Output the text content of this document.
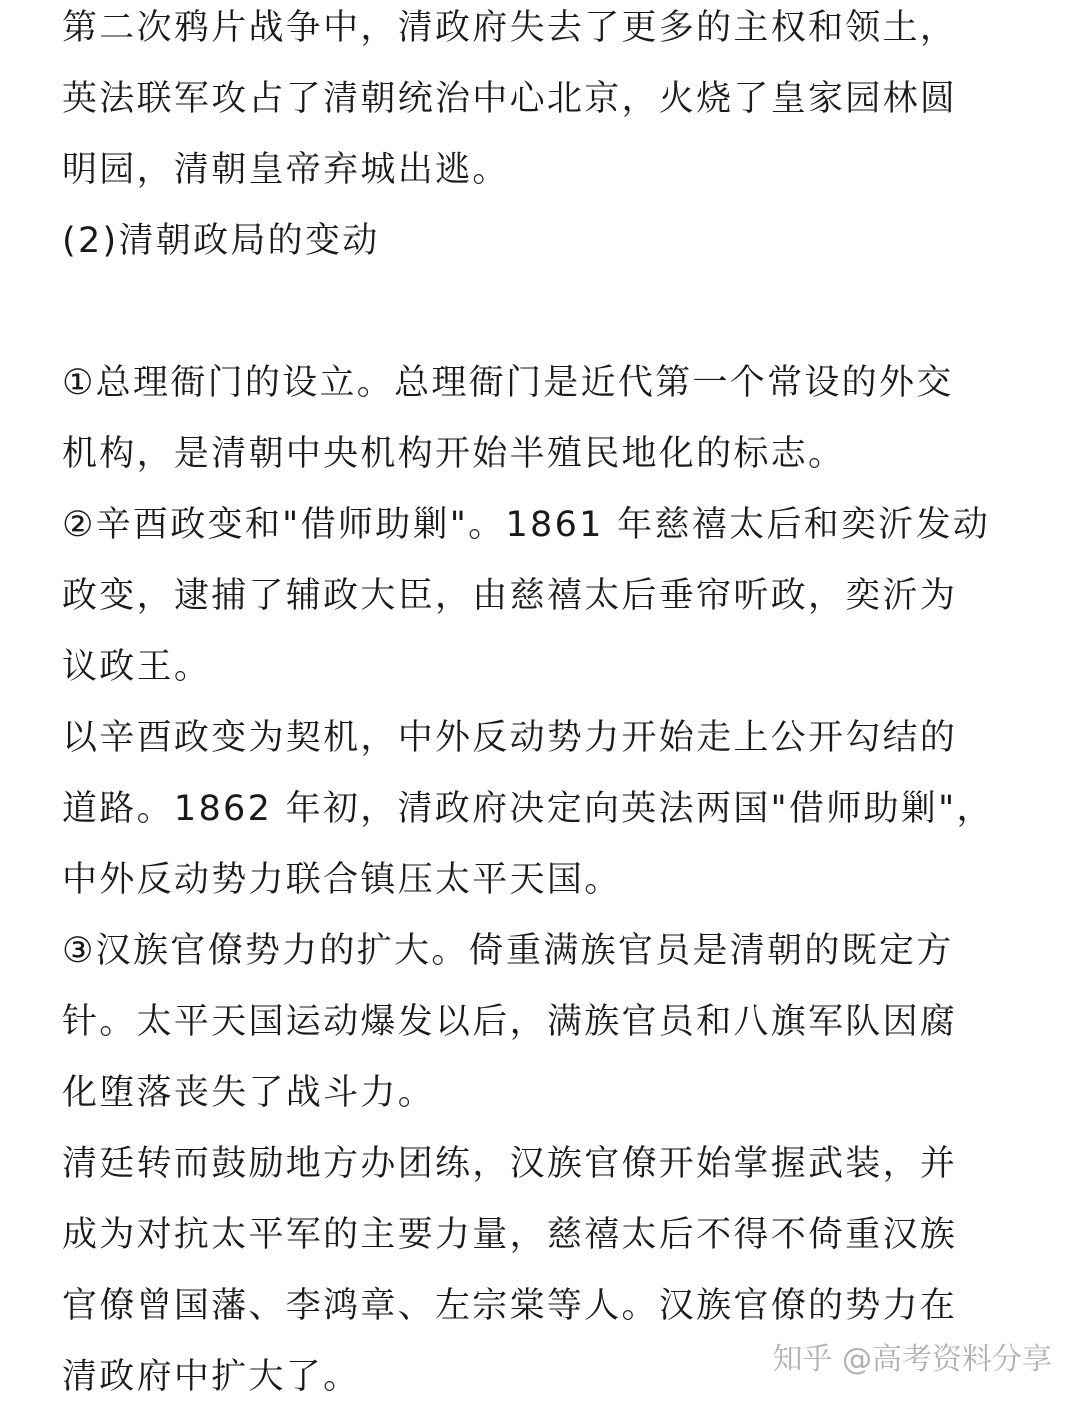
第二次鸦片战争中，清政府失去了更多的主权和领土，
英法联军攻占了清朝统治中心北京，火烧了皇家园林圆
明园，清朝皇帝弃城出逃。
(2)清朝政局的变动
①总理衙门的设立。总理衙门是近代第一个常设的外交
机构，是清朝中央机构开始半殖民地化的标志。
②辛酉政变和"借师助剿"。1861 年慈禧太后和奕沂发动
政变，逮捕了辅政大臣，由慈禧太后垂帘听政，奕沂为
议政王。
以辛酉政变为契机，中外反动势力开始走上公开勾结的
道路。1862 年初，清政府决定向英法两国"借师助剿"，
中外反动势力联合镇压太平天国。
③汉族官僚势力的扩大。倚重满族官员是清朝的既定方
针。太平天国运动爆发以后，满族官员和八旗军队因腐
化堕落丧失了战斗力。
清廷转而鼓励地方办团练，汉族官僚开始掌握武装，并
成为对抗太平军的主要力量，慈禧太后不得不倚重汉族
官僚曾国藩、李鸿章、左宗棠等人。汉族官僚的势力在
清政府中扩大了。	知乎 @高考资料分享
